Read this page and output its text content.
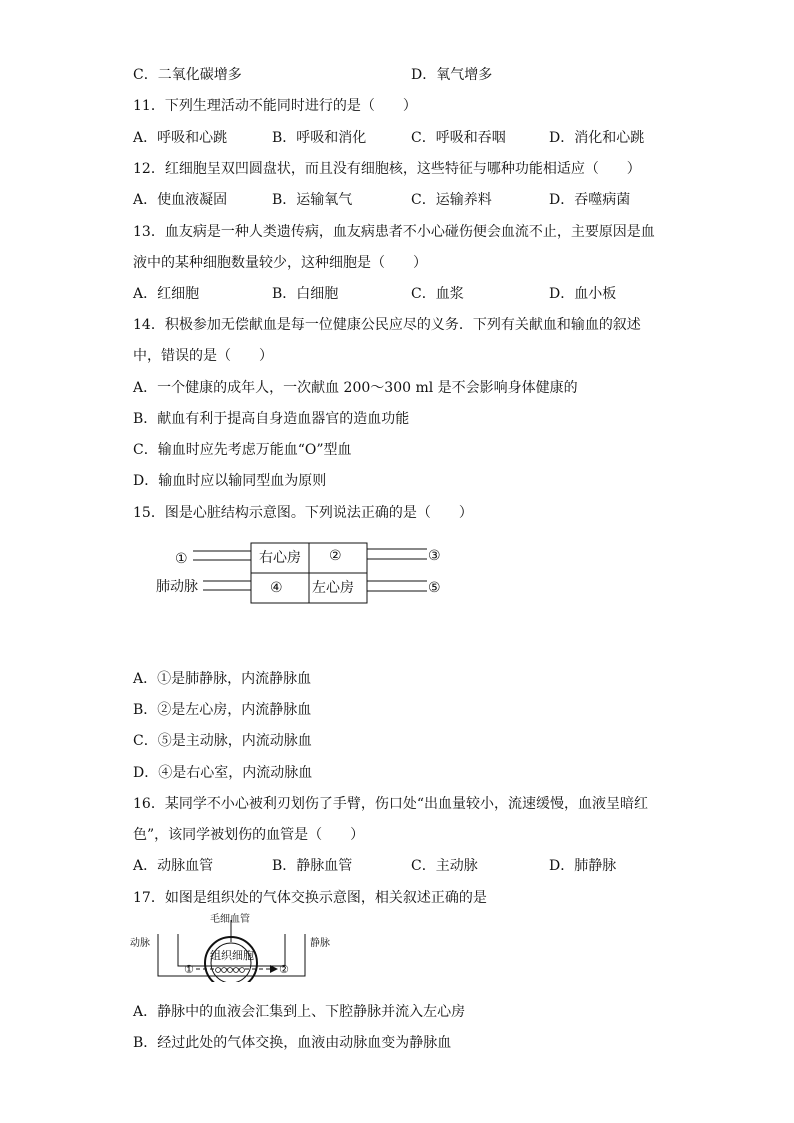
C．二氧化碳增多	D．氧气增多
11．下列生理活动不能同时进行的是（　　）
A．呼吸和心跳	B．呼吸和消化	C．呼吸和吞咽	D．消化和心跳
12．红细胞呈双凹圆盘状，而且没有细胞核，这些特征与哪种功能相适应（　　）
A．使血液凝固	B．运输氧气	C．运输养料	D．吞噬病菌
13．血友病是一种人类遗传病，血友病患者不小心碰伤便会血流不止，主要原因是血
液中的某种细胞数量较少，这种细胞是（　　）
A．红细胞	B．白细胞	C．血浆	D．血小板
14．积极参加无偿献血是每一位健康公民应尽的义务．下列有关献血和输血的叙述
中，错误的是（　　）
A．一个健康的成年人，一次献血 200～300 ml 是不会影响身体健康的
B．献血有利于提高自身造血器官的造血功能
C．输血时应先考虑万能血“O”型血
D．输血时应以输同型血为原则
15．图是心脏结构示意图。下列说法正确的是（　　）
①	右心房 ②	③
肺动脉	④ 左心房	⑤
A．①是肺静脉，内流静脉血
B．②是左心房，内流静脉血
C．⑤是主动脉，内流动脉血
D．④是右心室，内流动脉血
16．某同学不小心被利刃划伤了手臂，伤口处“出血量较小，流速缓慢，血液呈暗红
色”，该同学被划伤的血管是（　　）
A．动脉血管	B．静脉血管	C．主动脉	D．肺静脉
17．如图是组织处的气体交换示意图，相关叙述正确的是
毛细血管
动脉	静脉
组织细胞
①	②
A．静脉中的血液会汇集到上、下腔静脉并流入左心房
B．经过此处的气体交换，血液由动脉血变为静脉血
